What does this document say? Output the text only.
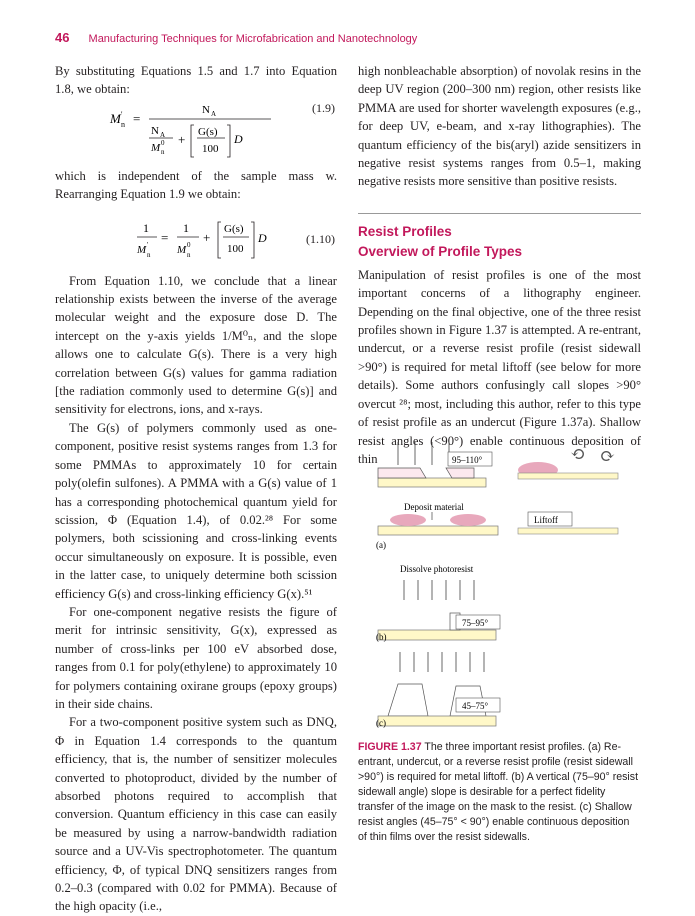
46 Manufacturing Techniques for Microfabrication and Nanotechnology

By substituting Equations 1.5 and 1.7 into Equation 1.8, we obtain:

M n
' =
N A
N A
M n
0 + G(s)
100
D
(1.9)

which is independent of the sample mass w. Rearranging Equation 1.9 we obtain:

1
M n
' =
1
M n
0 +
G(s)
100
D	(1.10)

From Equation 1.10, we conclude that a linear relationship exists between the inverse of the average molecular weight and the exposure dose D. The intercept on the y-axis yields 1/M⁰ₙ, and the slope allows one to calculate G(s). There is a very high correlation between G(s) values for gamma radiation [the radiation commonly used to determine G(s)] and sensitivity for electrons, ions, and x-rays.

The G(s) of polymers commonly used as one-component, positive resist systems ranges from 1.3 for some PMMAs to approximately 10 for certain poly(olefin sulfones). A PMMA with a G(s) value of 1 has a corresponding photochemical quantum yield for scission, Φ (Equation 1.4), of 0.02.²⁸ For some polymers, both scissioning and cross-linking events occur simultaneously on exposure. It is possible, even in the latter case, to uniquely determine both scission efficiency G(s) and cross-linking efficiency G(x).⁵¹

For one-component negative resists the figure of merit for intrinsic sensitivity, G(x), expressed as number of cross-links per 100 eV absorbed dose, ranges from 0.1 for poly(ethylene) to approximately 10 for polymers containing oxirane groups (epoxy groups) in their side chains.

For a two-component positive system such as DNQ, Φ in Equation 1.4 corresponds to the quantum efficiency, that is, the number of sensitizer molecules converted to photoproduct, divided by the number of absorbed photons required to accomplish that conversion. Quantum efficiency in this case can easily be measured by using a narrow-bandwidth radiation source and a UV-Vis spectrophotometer. The quantum efficiency, Φ, of typical DNQ sensitizers ranges from 0.2–0.3 (compared with 0.02 for PMMA). Because of the high opacity (i.e.,

high nonbleachable absorption) of novolak resins in the deep UV region (200–300 nm) region, other resists like PMMA are used for shorter wavelength exposures (e.g., for deep UV, e-beam, and x-ray lithographies). The quantum efficiency of the bis(aryl) azide sensitizers in negative resist systems ranges from 0.5–1, making negative resists more sensitive than positive resists.

Resist Profiles
Overview of Profile Types

Manipulation of resist profiles is one of the most important concerns of a lithography engineer. Depending on the final objective, one of the three resist profiles shown in Figure 1.37 is attempted. A re-entrant, undercut, or a reverse resist profile (resist sidewall >90°) is required for metal liftoff (see below for more details). Some authors confusingly call slopes >90° overcut ²⁸; most, including this author, refer to this type of resist profile as an undercut (Figure 1.37a). Shallow resist angles (<90°) enable continuous deposition of thin	95–110°	⟲ ⟳
Deposit material
Liftoff
(a)
Dissolve photoresist
75–95°
(b)
45–75°
(c)
FIGURE 1.37 The three important resist profiles. (a) Re-entrant, undercut, or a reverse resist profile (resist sidewall >90°) is required for metal liftoff. (b) A vertical (75–90° resist sidewall angle) slope is desirable for a perfect fidelity transfer of the image on the mask to the resist. (c) Shallow resist angles (45–75° < 90°) enable continuous deposition of thin films over the resist sidewalls.
